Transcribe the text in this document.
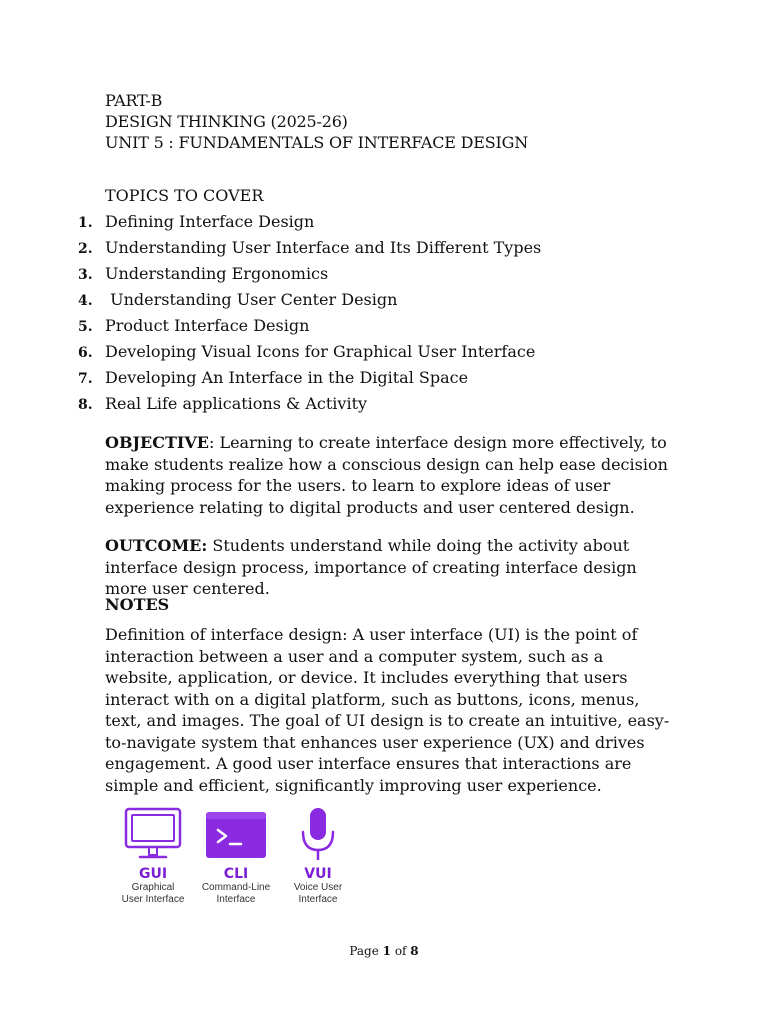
PART-B
DESIGN THINKING (2025-26)
UNIT 5 : FUNDAMENTALS OF INTERFACE DESIGN
TOPICS TO COVER
1. Defining Interface Design
2. Understanding User Interface and Its Different Types
3. Understanding Ergonomics
4. Understanding User Center Design
5. Product Interface Design
6. Developing Visual Icons for Graphical User Interface
7. Developing An Interface in the Digital Space
8. Real Life applications & Activity
OBJECTIVE: Learning to create interface design more effectively, to make students realize how a conscious design can help ease decision making process for the users. to learn to explore ideas of user experience relating to digital products and user centered design.
OUTCOME: Students understand while doing the activity about interface design process, importance of creating interface design more user centered.
NOTES
Definition of interface design: A user interface (UI) is the point of interaction between a user and a computer system, such as a website, application, or device. It includes everything that users interact with on a digital platform, such as buttons, icons, menus, text, and images. The goal of UI design is to create an intuitive, easy-to-navigate system that enhances user experience (UX) and drives engagement. A good user interface ensures that interactions are simple and efficient, significantly improving user experience.
GUI
Graphical
User Interface
CLI
Command-Line
Interface
VUI
Voice User
Interface
Page 1 of 8
